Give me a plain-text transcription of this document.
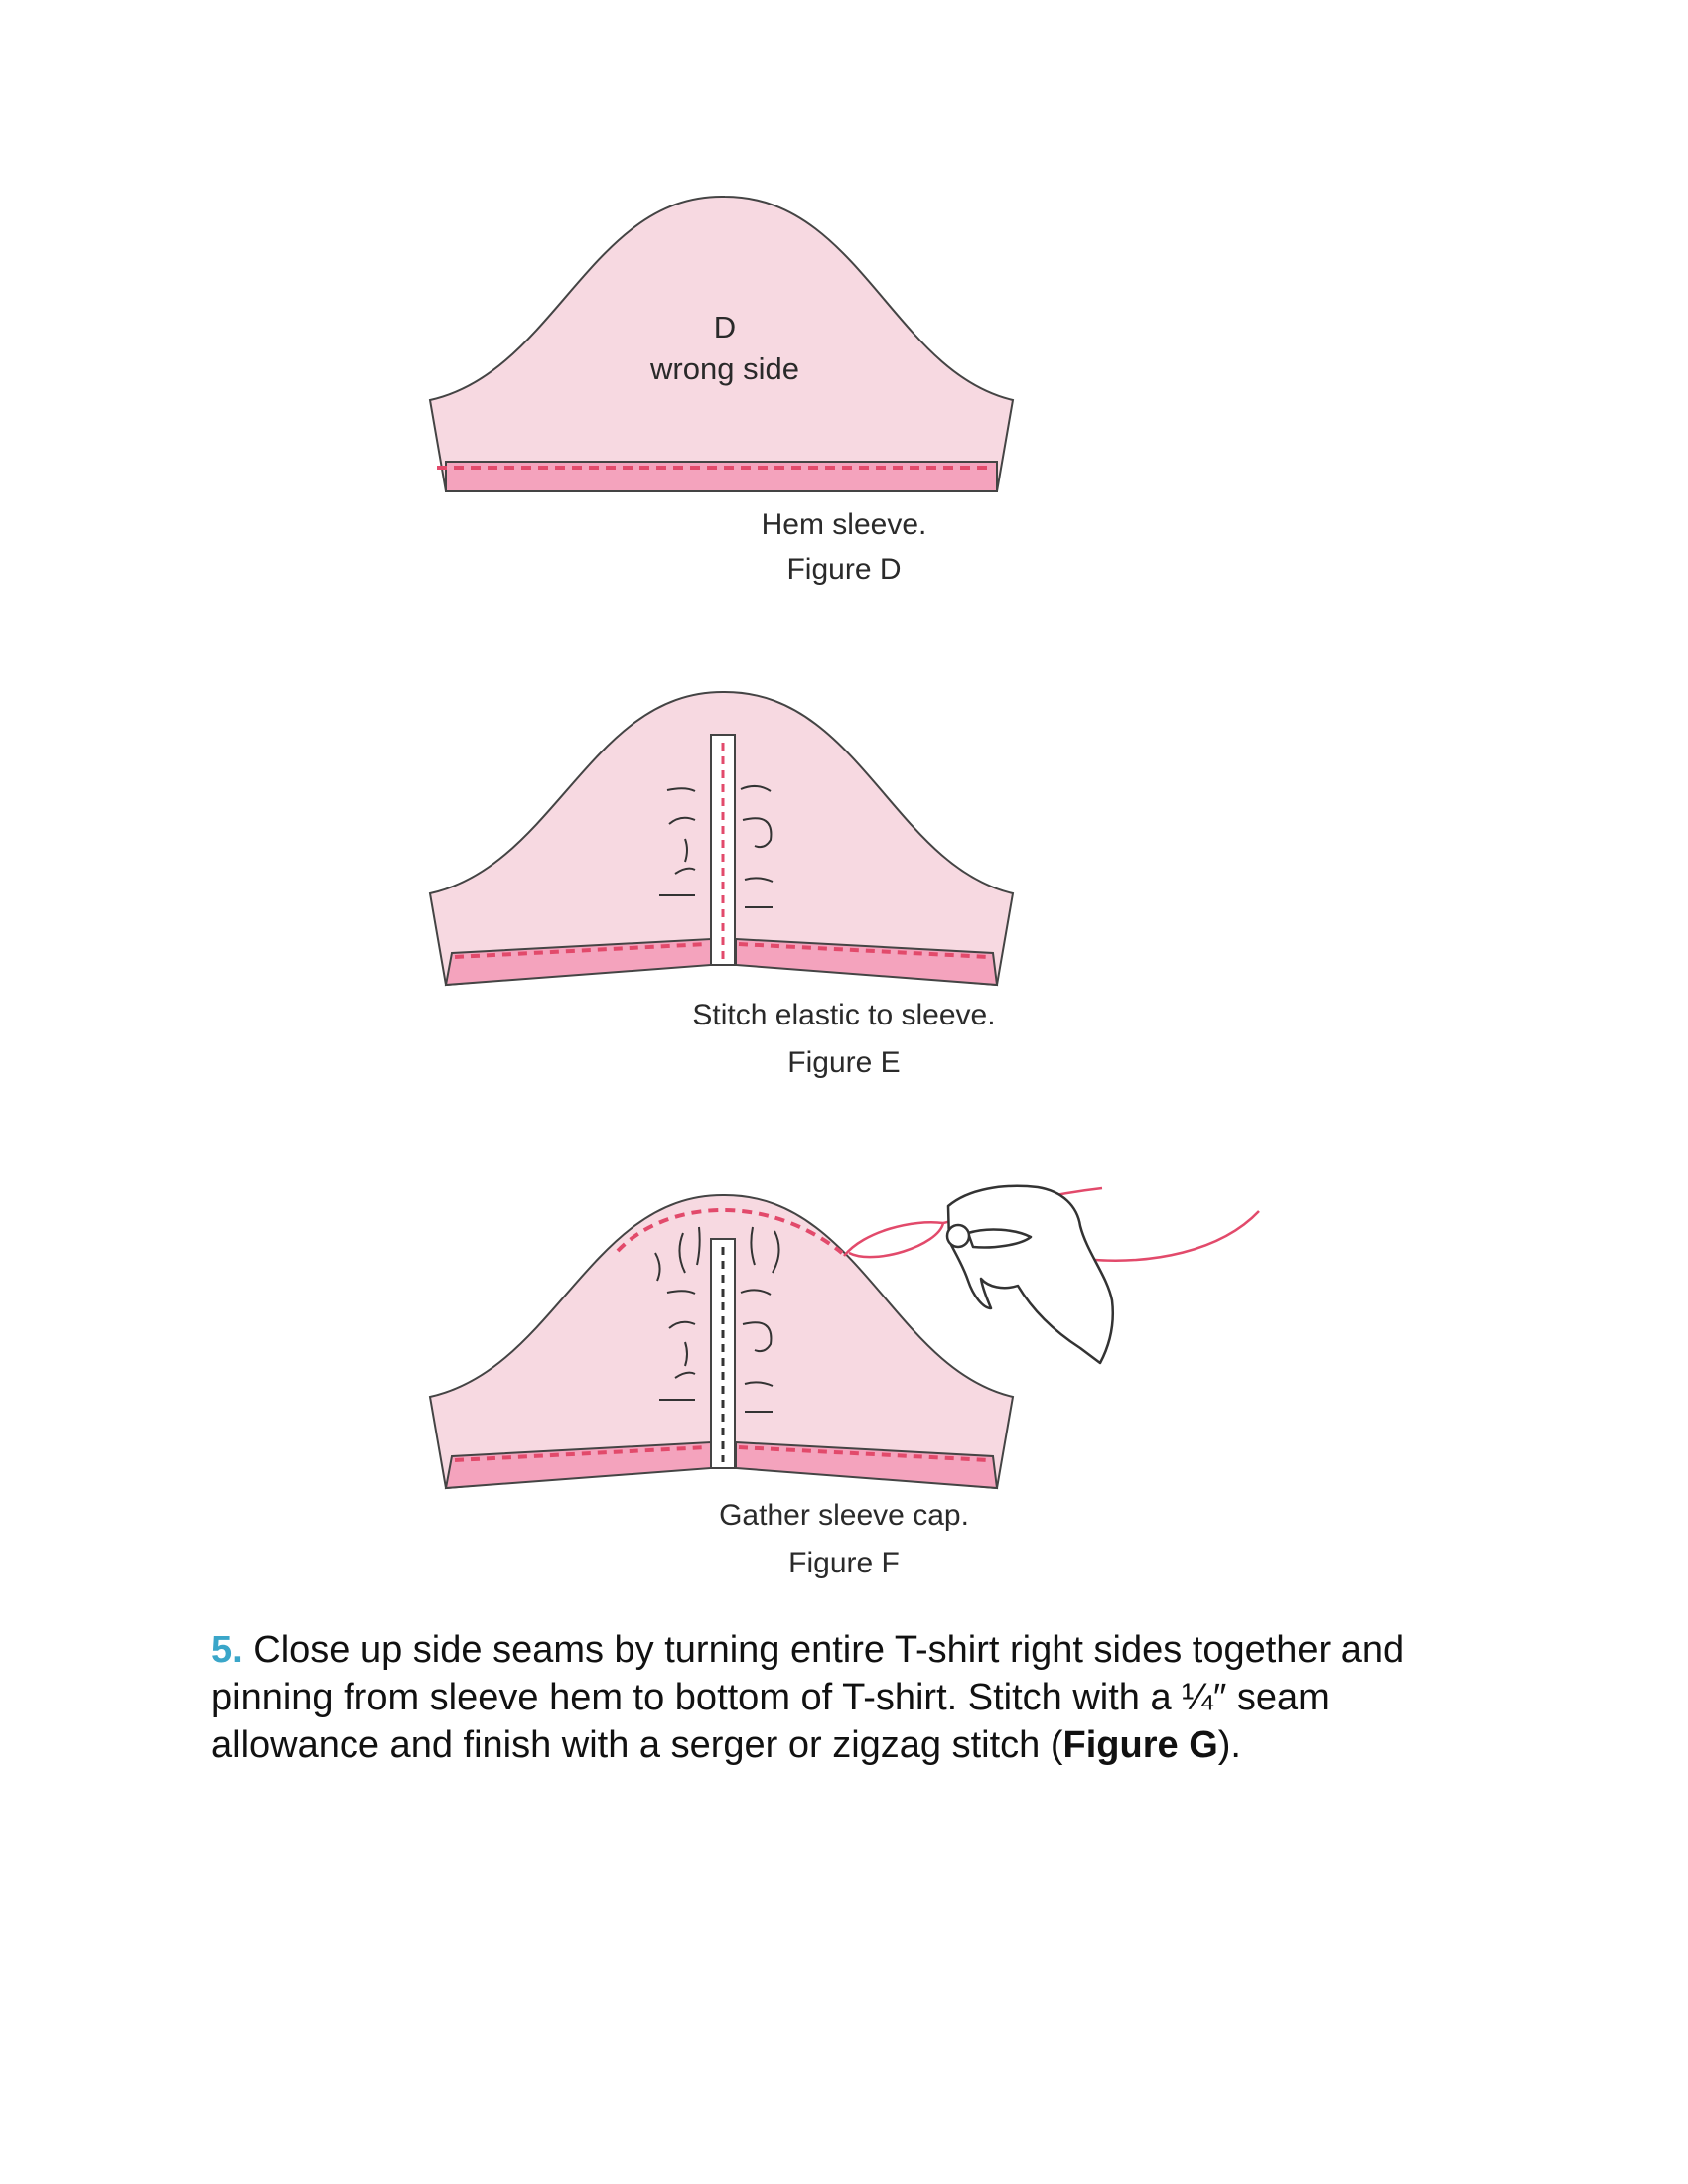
D
wrong side
Hem sleeve.
Figure D
Stitch elastic to sleeve.
Figure E
Gather sleeve cap.
Figure F
5. Close up side seams by turning entire T-shirt right sides together and pinning from sleeve hem to bottom of T-shirt. Stitch with a ¼″ seam allowance and finish with a serger or zigzag stitch (Figure G).
